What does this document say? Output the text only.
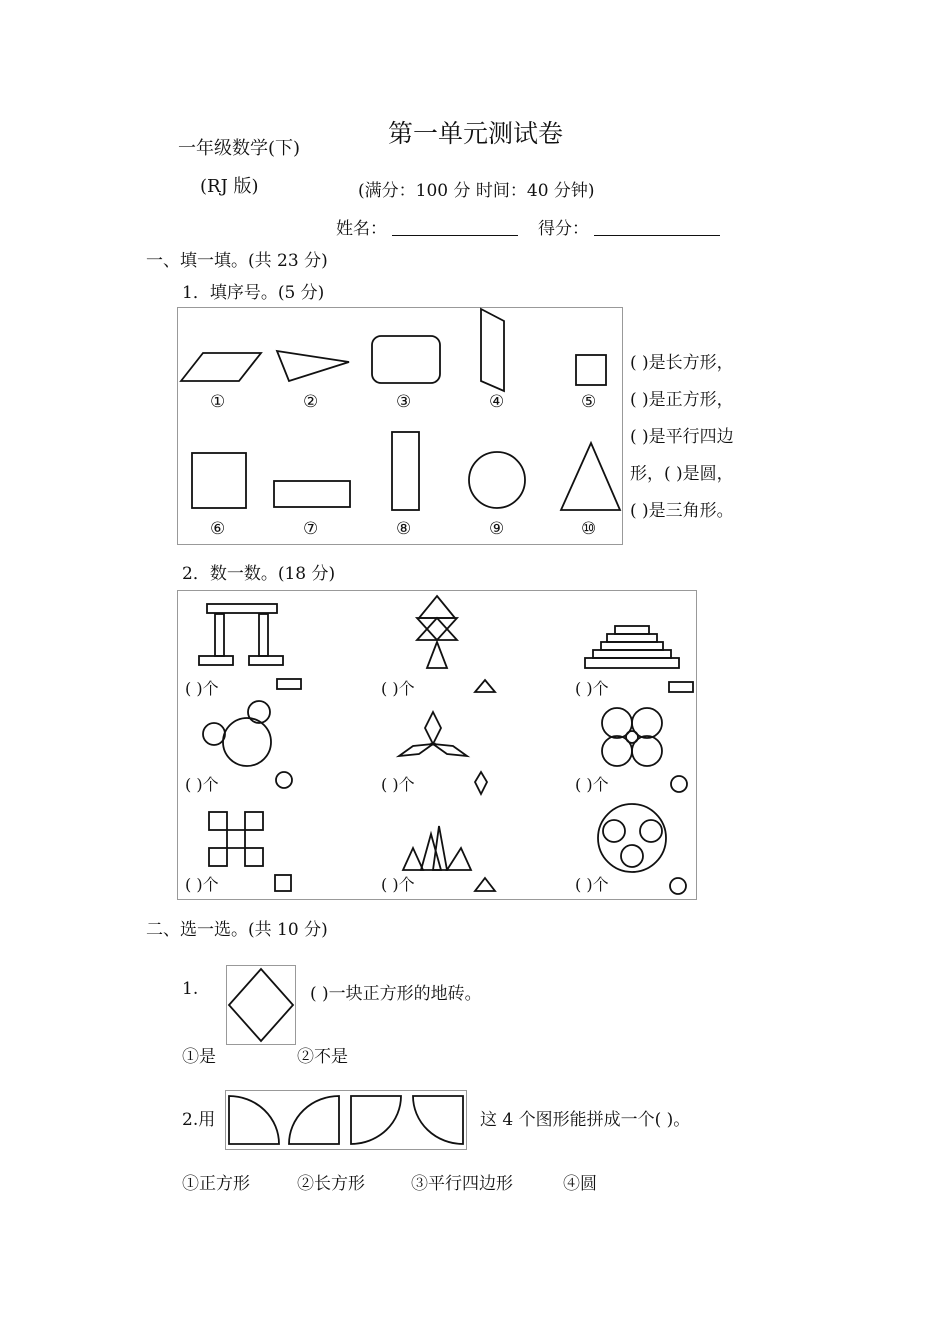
第一单元测试卷
一年级数学(下)
(RJ 版)	(满分：100 分 时间：40 分钟)
姓名：	得分：
一、填一填。(共 23 分)
1．填序号。(5 分)
①	②	③	④	⑤
⑥	⑦	⑧	⑨	⑩
( )是长方形，
( )是正方形，
( )是平行四边
形，( )是圆，
( )是三角形。
2．数一数。(18 分)
( )个	( )个	( )个
( )个	( )个	( )个
( )个	( )个	( )个
二、选一选。(共 10 分)
1.	( )一块正方形的地砖。
①是	②不是
2.用	这 4 个图形能拼成一个( )。
①正方形	②长方形	③平行四边形	④圆
